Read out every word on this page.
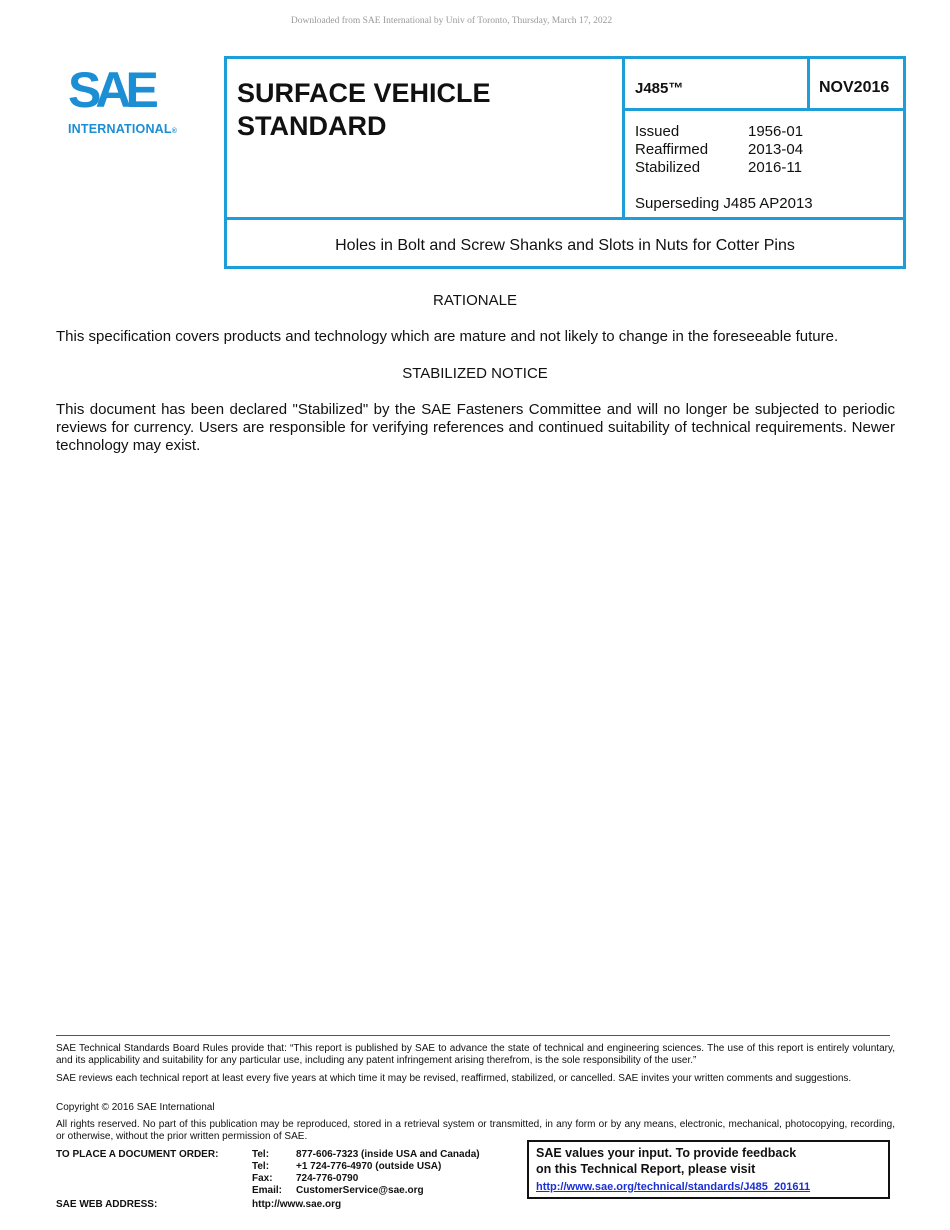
Downloaded from SAE International by Univ of Toronto, Thursday, March 17, 2022
SAE
INTERNATIONAL®
SURFACE VEHICLE STANDARD
J485™	NOV2016
Issued	1956-01
Reaffirmed	2013-04
Stabilized	2016-11
Superseding J485 AP2013
Holes in Bolt and Screw Shanks and Slots in Nuts for Cotter Pins
RATIONALE
This specification covers products and technology which are mature and not likely to change in the foreseeable future.
STABILIZED NOTICE
This document has been declared "Stabilized" by the SAE Fasteners Committee and will no longer be subjected to periodic reviews for currency. Users are responsible for verifying references and continued suitability of technical requirements. Newer technology may exist.
SAE Technical Standards Board Rules provide that: “This report is published by SAE to advance the state of technical and engineering sciences. The use of this report is entirely voluntary, and its applicability and suitability for any particular use, including any patent infringement arising therefrom, is the sole responsibility of the user.”
SAE reviews each technical report at least every five years at which time it may be revised, reaffirmed, stabilized, or cancelled. SAE invites your written comments and suggestions.
Copyright © 2016 SAE International
All rights reserved. No part of this publication may be reproduced, stored in a retrieval system or transmitted, in any form or by any means, electronic, mechanical, photocopying, recording, or otherwise, without the prior written permission of SAE.
TO PLACE A DOCUMENT ORDER:	Tel:	877-606-7323 (inside USA and Canada)
Tel:	+1 724-776-4970 (outside USA)
Fax:	724-776-0790
Email:	CustomerService@sae.org
SAE WEB ADDRESS:	http://www.sae.org
SAE values your input. To provide feedback
on this Technical Report, please visit
http://www.sae.org/technical/standards/J485_201611
